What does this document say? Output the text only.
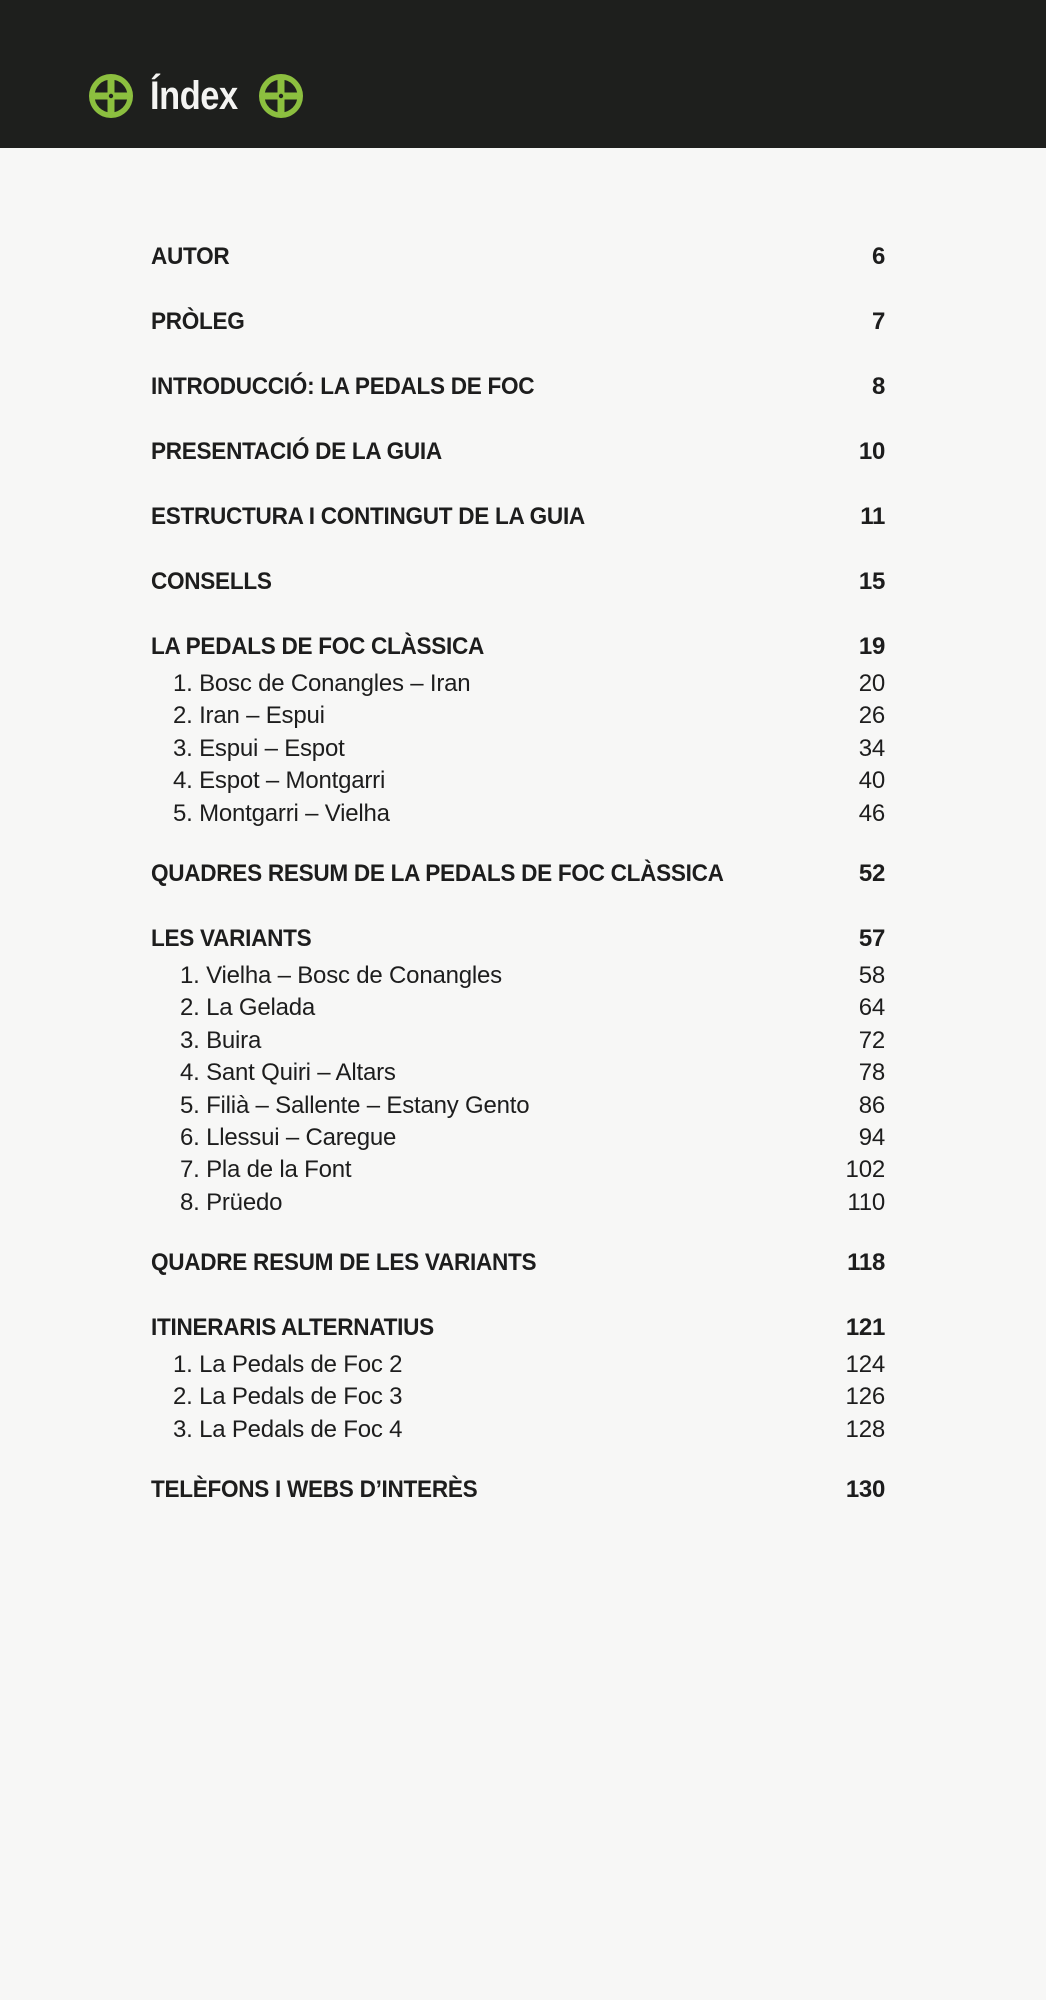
Índex
AUTOR	6
PRÒLEG	7
INTRODUCCIÓ: LA PEDALS DE FOC	8
PRESENTACIÓ DE LA GUIA	10
ESTRUCTURA I CONTINGUT DE LA GUIA	11
CONSELLS	15
LA PEDALS DE FOC CLÀSSICA	19
1. Bosc de Conangles – Iran	20
2. Iran – Espui	26
3. Espui – Espot	34
4. Espot – Montgarri	40
5. Montgarri – Vielha	46
QUADRES RESUM DE LA PEDALS DE FOC CLÀSSICA	52
LES VARIANTS	57
1. Vielha – Bosc de Conangles	58
2. La Gelada	64
3. Buira	72
4. Sant Quiri – Altars	78
5. Filià – Sallente – Estany Gento	86
6. Llessui – Caregue	94
7. Pla de la Font	102
8. Prüedo	110
QUADRE RESUM DE LES VARIANTS	118
ITINERARIS ALTERNATIUS	121
1. La Pedals de Foc 2	124
2. La Pedals de Foc 3	126
3. La Pedals de Foc 4	128
TELÈFONS I WEBS D’INTERÈS	130
